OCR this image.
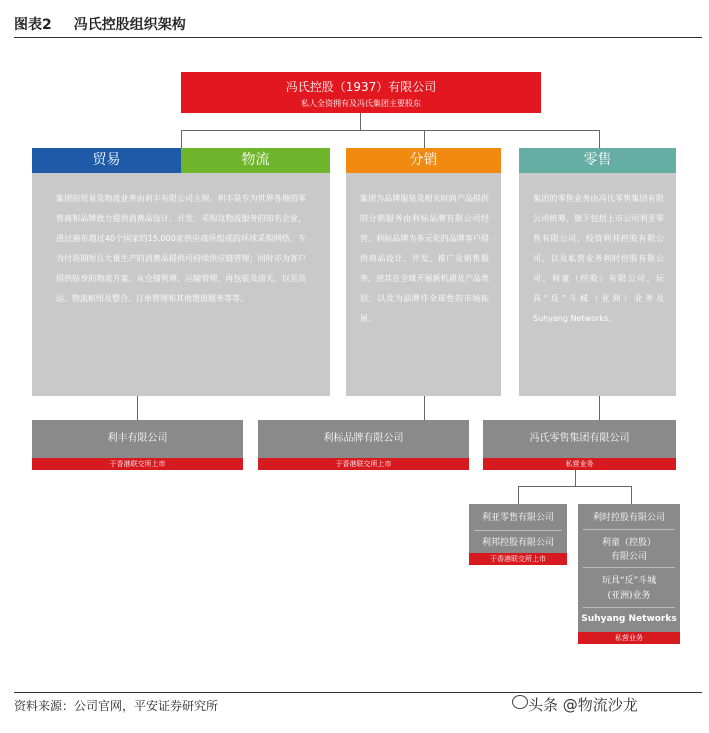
图表2 冯氏控股组织架构
冯氏控股（1937）有限公司
私人全资拥有及冯氏集团主要股东
贸易	物流	分销	零售
集团的贸易及物流业务由利丰有限公司主理。利丰是专为世界各地的零售商和品牌致力提供消费品设计、开发、采购及物流服务的知名企业，透过遍布超过40个国家的15,000家供应商所组成的环球采购网络，专为付货期短且大量生产的消费品提供可持续供应链管理；同时亦为客户提供贴身的物流方案，从仓储管理、运输管理、再包装及清关，以至货运、物流枢纽及整合、订单管理和其他增值服务等等。
集团为品牌服装及相关时尚产品提供的分销服务由利标品牌有限公司经营。利标品牌为多元化的品牌客户提供商品设计、开发、推广及销售服务，使其在全球开展新机遇及产品类别，以及为品牌作全球性的市场拓展。
集团的零售业务由冯氏零售集团有限公司统筹，旗下包括上市公司利亚零售有限公司，投资利邦控股有限公司，以及私营业务利时控股有限公司、利童（控股）有限公司、玩具“反”斗城（亚洲）业务及Suhyang Networks。
利丰有限公司
于香港联交所上市
利标品牌有限公司
于香港联交所上市
冯氏零售集团有限公司
私营业务
利亚零售有限公司
利邦控股有限公司
于香港联交所上市
利时控股有限公司
利童（控股）
有限公司
玩具“反”斗城
(亚洲)业务
Suhyang Networks
私营业务
资料来源：公司官网，平安证券研究所	头条 @物流沙龙
